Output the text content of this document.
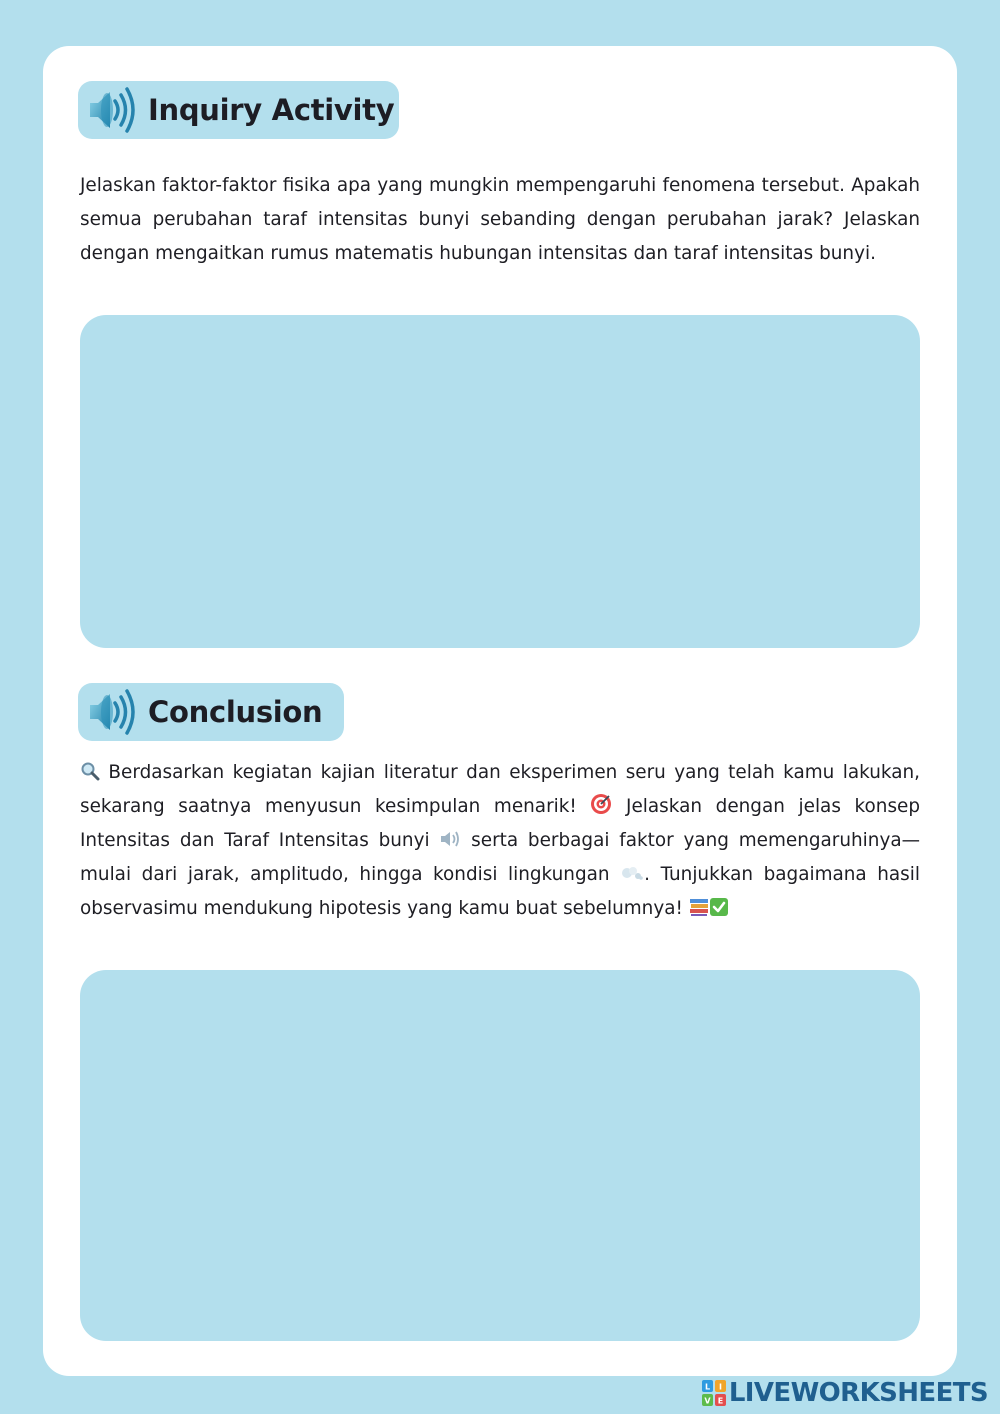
Inquiry Activity

Jelaskan faktor-faktor fisika apa yang mungkin mempengaruhi fenomena tersebut. Apakah semua perubahan taraf intensitas bunyi sebanding dengan perubahan jarak? Jelaskan dengan mengaitkan rumus matematis hubungan intensitas dan taraf intensitas bunyi.

Conclusion

Berdasarkan kegiatan kajian literatur dan eksperimen seru yang telah kamu lakukan, sekarang saatnya menyusun kesimpulan menarik!  Jelaskan dengan jelas konsep Intensitas dan Taraf Intensitas bunyi  serta berbagai faktor yang memengaruhinya—mulai dari jarak, amplitudo, hingga kondisi lingkungan . Tunjukkan bagaimana hasil observasimu mendukung hipotesis yang kamu buat sebelumnya!

L I
V E LIVEWORKSHEETS
